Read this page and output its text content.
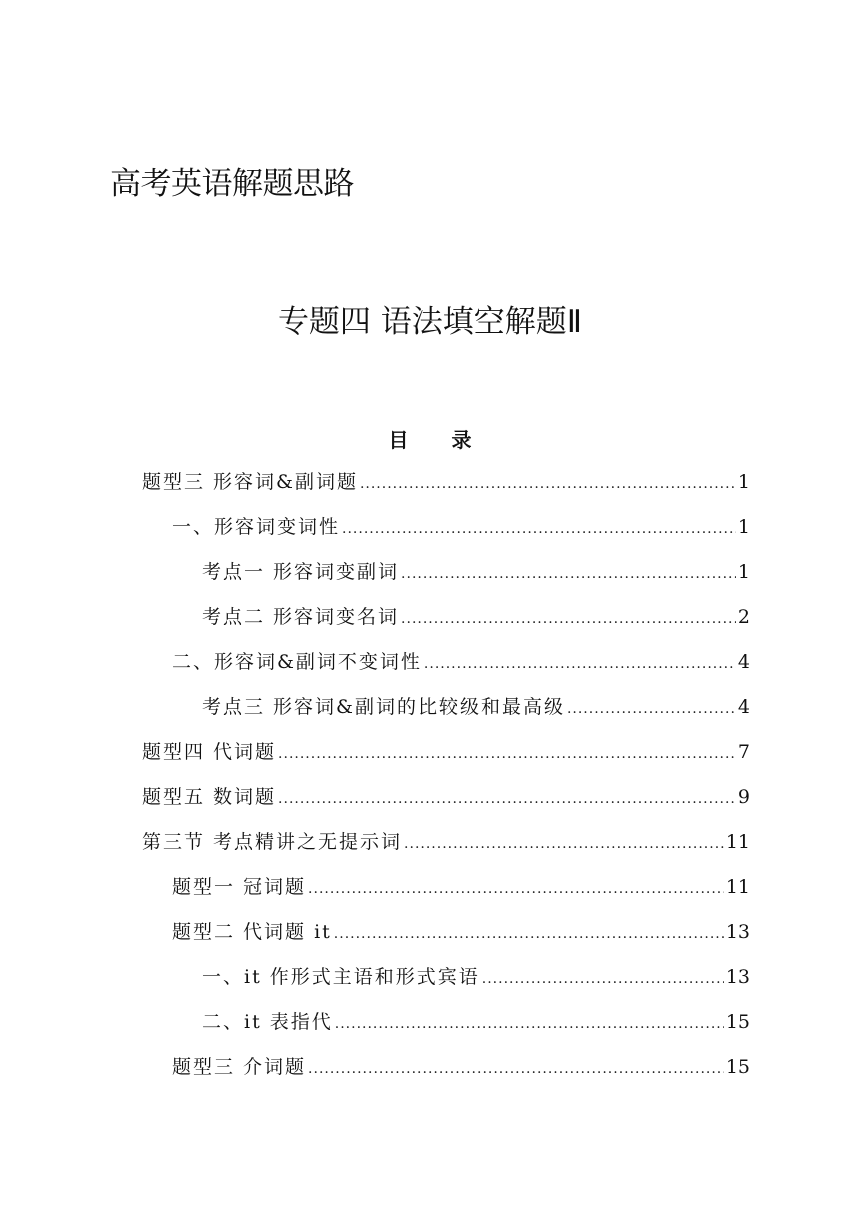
高考英语解题思路
专题四 语法填空解题Ⅱ
目 录
题型三 形容词&副词题 .....	1
一、形容词变词性 .....	1
考点一 形容词变副词 .....	1
考点二 形容词变名词 .....	2
二、形容词&副词不变词性 .....	4
考点三 形容词&副词的比较级和最高级 .....	4
题型四 代词题 .....	7
题型五 数词题 .....	9
第三节 考点精讲之无提示词 .....	11
题型一 冠词题 .....	11
题型二 代词题 it .....	13
一、it 作形式主语和形式宾语 .....	13
二、it 表指代 .....	15
题型三 介词题 .....	15
